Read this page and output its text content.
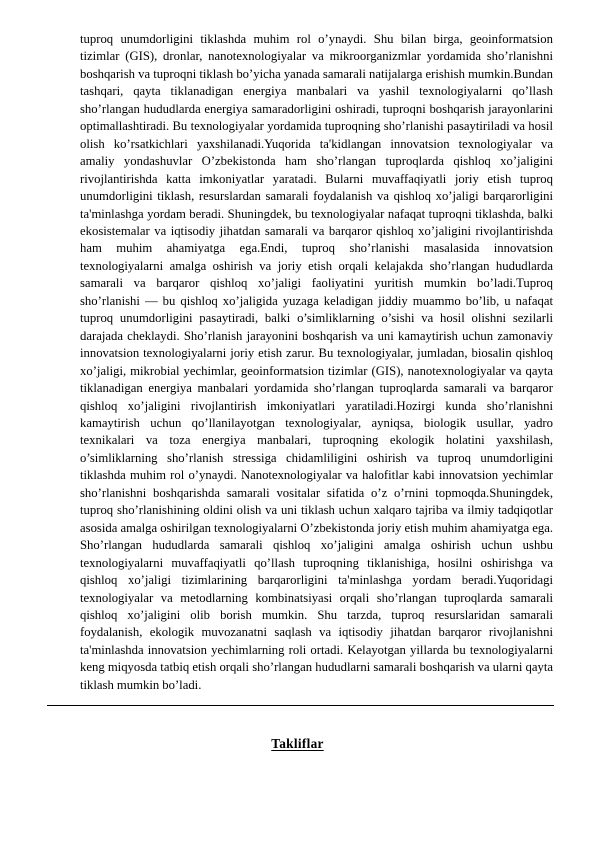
tuproq unumdorligini tiklashda muhim rol o’ynaydi. Shu bilan birga, geoinformatsion tizimlar (GIS), dronlar, nanotexnologiyalar va mikroorganizmlar yordamida sho’rlanishni boshqarish va tuproqni tiklash bo’yicha yanada samarali natijalarga erishish mumkin.Bundan tashqari, qayta tiklanadigan energiya manbalari va yashil texnologiyalarni qo’llash sho’rlangan hududlarda energiya samaradorligini oshiradi, tuproqni boshqarish jarayonlarini optimallashtiradi. Bu texnologiyalar yordamida tuproqning sho’rlanishi pasaytiriladi va hosil olish ko’rsatkichlari yaxshilanadi.Yuqorida ta'kidlangan innovatsion texnologiyalar va amaliy yondashuvlar O’zbekistonda ham sho’rlangan tuproqlarda qishloq xo’jaligini rivojlantirishda katta imkoniyatlar yaratadi. Bularni muvaffaqiyatli joriy etish tuproq unumdorligini tiklash, resurslardan samarali foydalanish va qishloq xo’jaligi barqarorligini ta'minlashga yordam beradi. Shuningdek, bu texnologiyalar nafaqat tuproqni tiklashda, balki ekosistemalar va iqtisodiy jihatdan samarali va barqaror qishloq xo’jaligini rivojlantirishda ham muhim ahamiyatga ega.Endi, tuproq sho’rlanishi masalasida innovatsion texnologiyalarni amalga oshirish va joriy etish orqali kelajakda sho’rlangan hududlarda samarali va barqaror qishloq xo’jaligi faoliyatini yuritish mumkin bo’ladi.Tuproq sho’rlanishi — bu qishloq xo’jaligida yuzaga keladigan jiddiy muammo bo’lib, u nafaqat tuproq unumdorligini pasaytiradi, balki o’simliklarning o’sishi va hosil olishni sezilarli darajada cheklaydi. Sho’rlanish jarayonini boshqarish va uni kamaytirish uchun zamonaviy innovatsion texnologiyalarni joriy etish zarur. Bu texnologiyalar, jumladan, biosalin qishloq xo’jaligi, mikrobial yechimlar, geoinformatsion tizimlar (GIS), nanotexnologiyalar va qayta tiklanadigan energiya manbalari yordamida sho’rlangan tuproqlarda samarali va barqaror qishloq xo’jaligini rivojlantirish imkoniyatlari yaratiladi.Hozirgi kunda sho’rlanishni kamaytirish uchun qo’llanilayotgan texnologiyalar, ayniqsa, biologik usullar, yadro texnikalari va toza energiya manbalari, tuproqning ekologik holatini yaxshilash, o’simliklarning sho’rlanish stressiga chidamliligini oshirish va tuproq unumdorligini tiklashda muhim rol o’ynaydi. Nanotexnologiyalar va halofitlar kabi innovatsion yechimlar sho’rlanishni boshqarishda samarali vositalar sifatida o’z o’rnini topmoqda.Shuningdek, tuproq sho’rlanishining oldini olish va uni tiklash uchun xalqaro tajriba va ilmiy tadqiqotlar asosida amalga oshirilgan texnologiyalarni O’zbekistonda joriy etish muhim ahamiyatga ega. Sho’rlangan hududlarda samarali qishloq xo’jaligini amalga oshirish uchun ushbu texnologiyalarni muvaffaqiyatli qo’llash tuproqning tiklanishiga, hosilni oshirishga va qishloq xo’jaligi tizimlarining barqarorligini ta'minlashga yordam beradi.Yuqoridagi texnologiyalar va metodlarning kombinatsiyasi orqali sho’rlangan tuproqlarda samarali qishloq xo’jaligini olib borish mumkin. Shu tarzda, tuproq resurslaridan samarali foydalanish, ekologik muvozanatni saqlash va iqtisodiy jihatdan barqaror rivojlanishni ta'minlashda innovatsion yechimlarning roli ortadi. Kelayotgan yillarda bu texnologiyalarni keng miqyosda tatbiq etish orqali sho’rlangan hududlarni samarali boshqarish va ularni qayta tiklash mumkin bo’ladi.

Takliflar
